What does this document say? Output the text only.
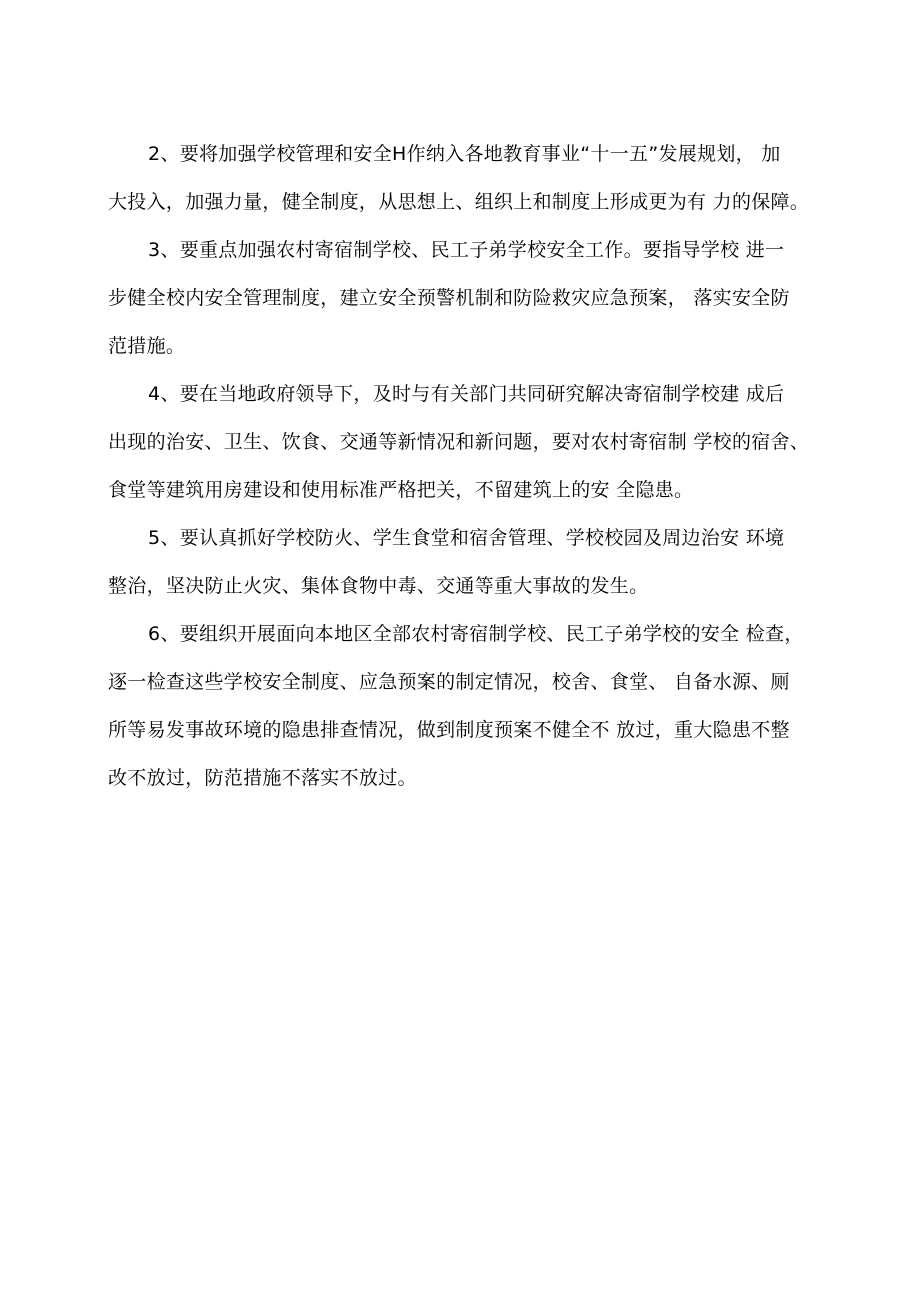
2、要将加强学校管理和安全H作纳入各地教育事业“十一五”发展规划， 加
大投入，加强力量，健全制度，从思想上、组织上和制度上形成更为有 力的保障。

3、要重点加强农村寄宿制学校、民工子弟学校安全工作。要指导学校 进一
步健全校内安全管理制度，建立安全预警机制和防险救灾应急预案， 落实安全防
范措施。

4、要在当地政府领导下，及时与有关部门共同研究解决寄宿制学校建 成后
出现的治安、卫生、饮食、交通等新情况和新问题，要对农村寄宿制 学校的宿舍、
食堂等建筑用房建设和使用标准严格把关，不留建筑上的安 全隐患。

5、要认真抓好学校防火、学生食堂和宿舍管理、学校校园及周边治安 环境
整治，坚决防止火灾、集体食物中毒、交通等重大事故的发生。

6、要组织开展面向本地区全部农村寄宿制学校、民工子弟学校的安全 检查，
逐一检查这些学校安全制度、应急预案的制定情况，校舍、食堂、 自备水源、厕
所等易发事故环境的隐患排查情况，做到制度预案不健全不 放过，重大隐患不整
改不放过，防范措施不落实不放过。
